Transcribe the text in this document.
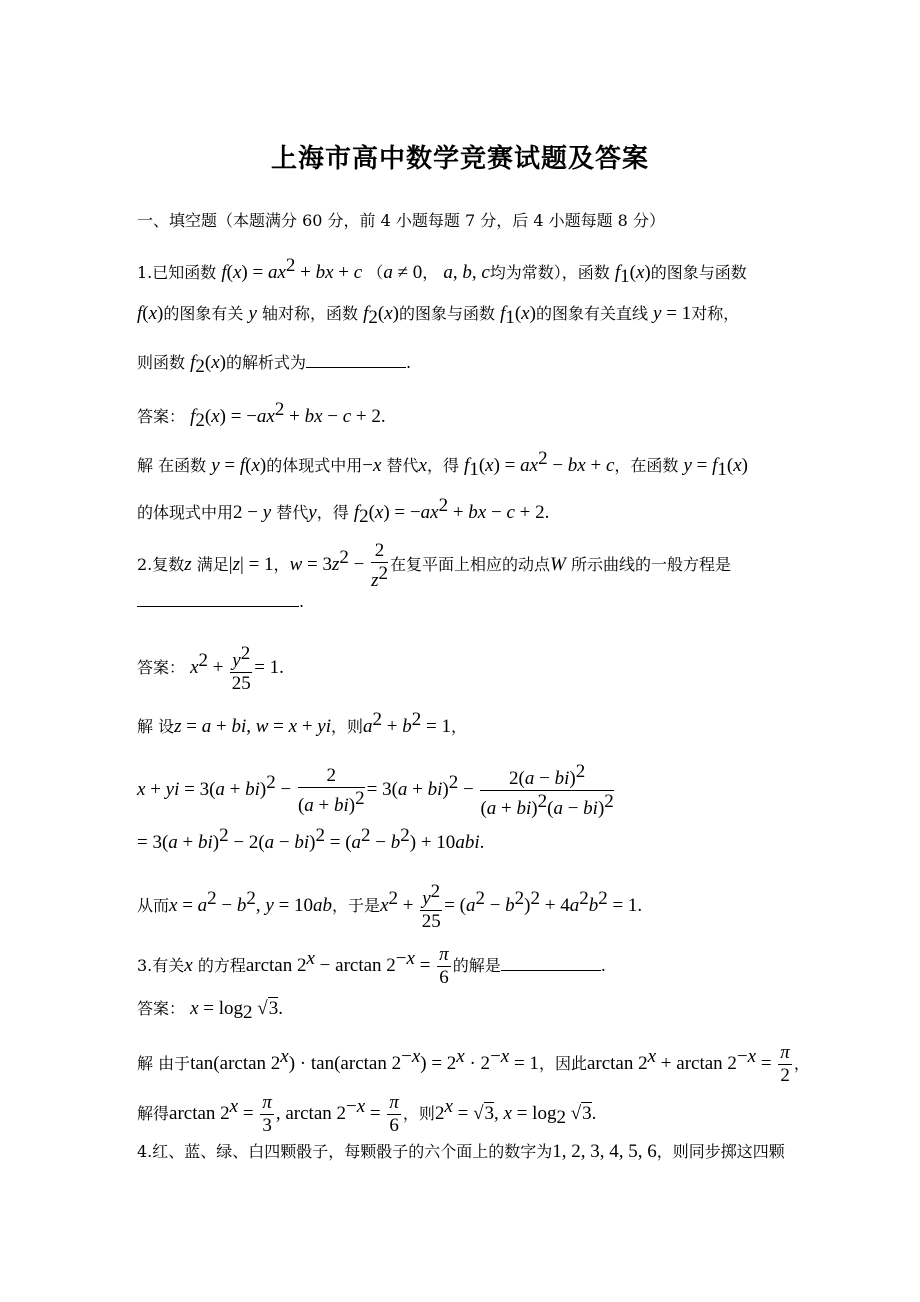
上海市高中数学竞赛试题及答案
一、填空题（本题满分 60 分，前 4 小题每题 7 分，后 4 小题每题 8 分）
1.已知函数 $f(x) = ax^2$ + bx + c （a ≠ 0， a, b, c均为常数），函数 $f_1(x)$的图象与函数
f(x)的图象有关 y 轴对称，函数 $f_2(x)$的图象与函数 $f_1(x)$的图象有关直线 y = 1对称，
则函数 $f_2(x)$的解析式为	.
答案： $f_2(x) = -ax^2$ + bx − c + 2.
解 在函数 y = f(x)的体现式中用−x 替代x，得 $f_1(x) = ax^2$ − bx + c，在函数 $y = f_1(x)$
的体现式中用2 − y 替代y，得 $f_2(x) = -ax^2$ + bx − c + 2.
2.复数z 满足|z| = 1，$w = 3z^2 - \frac{2}{z^2}$ 在复平面上相应的动点W 所示曲线的一般方程是
.
答案： $x^2 + \frac{y^2}{25} = 1$.
解 设z = a + bi, w = x + yi，则$a^2 + b^2 = 1$，
x + yi = $3(a + bi)^2 - \frac{2}{(a + bi)^2} = 3(a + bi)^2 - \frac{2(a - bi)^2}{(a + bi)^2(a - bi)^2}$
= $3(a + bi)^2 - 2(a - bi)^2 = (a^2 - b^2) + 10abi$.
从而$x = a^2 - b^2$, y = 10ab，于是$x^2 + \frac{y^2}{25} = (a^2 - b^2)^2 + 4a^2b^2 = 1$.
3.有关x 的方程$\arctan 2^x - \arctan 2^{-x} = \frac{\pi}{6}$ 的解是	.
答案： $x = \log_2 √3$.
解 由于tan(arctan $2^x) \cdot \tan(\arctan$ $2^{-x}) = 2^x \cdot 2^{-x} = 1$，因此$\arctan 2^x + \arctan 2^{-x} = \frac{\pi}{2}$ ，
解得$\arctan 2^x = \frac{\pi}{3}$ , $\arctan 2^{-x} = \frac{\pi}{6}$ ，则$2^x = √3$, $x = \log_2 √3$.
4.红、蓝、绿、白四颗骰子，每颗骰子的六个面上的数字为1, 2, 3, 4, 5, 6，则同步掷这四颗
